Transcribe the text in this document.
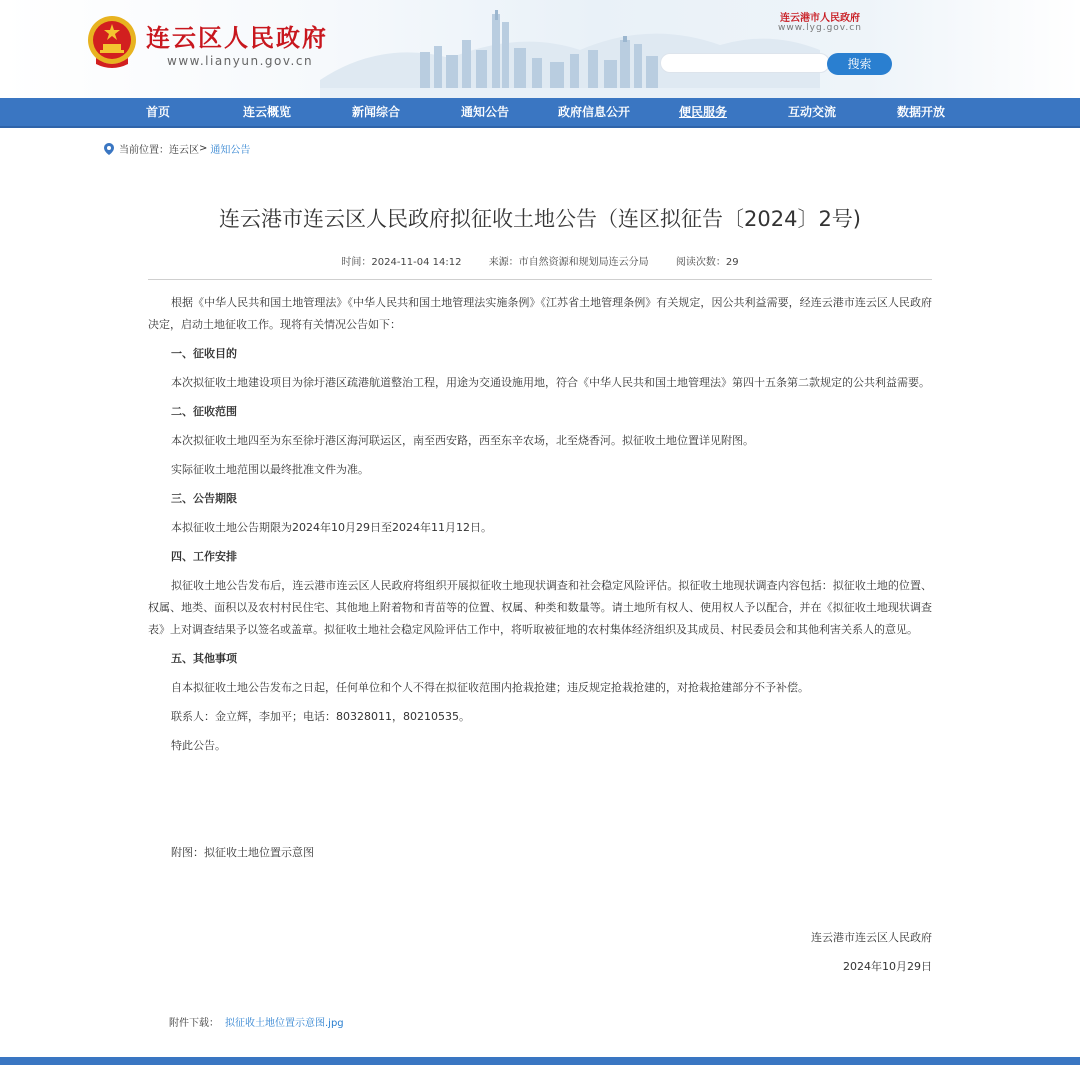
连云区人民政府
www.lianyun.gov.cn
连云港市人民政府
www.lyg.gov.cn
搜索
首页	连云概览	新闻综合	通知公告	政府信息公开	便民服务	互动交流	数据开放
当前位置： 连云区 > 通知公告
连云港市连云区人民政府拟征收土地公告（连区拟征告〔2024〕2号)
时间：2024-11-04 14:12	来源：市自然资源和规划局连云分局	阅读次数：29

根据《中华人民共和国土地管理法》《中华人民共和国土地管理法实施条例》《江苏省土地管理条例》有关规定，因公共利益需要，经连云港市连云区人民政府决定，启动土地征收工作。现将有关情况公告如下：

一、征收目的

本次拟征收土地建设项目为徐圩港区疏港航道整治工程，用途为交通设施用地，符合《中华人民共和国土地管理法》第四十五条第二款规定的公共利益需要。

二、征收范围

本次拟征收土地四至为东至徐圩港区海河联运区，南至西安路，西至东辛农场，北至烧香河。拟征收土地位置详见附图。

实际征收土地范围以最终批准文件为准。

三、公告期限

本拟征收土地公告期限为2024年10月29日至2024年11月12日。

四、工作安排

拟征收土地公告发布后，连云港市连云区人民政府将组织开展拟征收土地现状调查和社会稳定风险评估。拟征收土地现状调查内容包括：拟征收土地的位置、权属、地类、面积以及农村村民住宅、其他地上附着物和青苗等的位置、权属、种类和数量等。请土地所有权人、使用权人予以配合，并在《拟征收土地现状调查表》上对调查结果予以签名或盖章。拟征收土地社会稳定风险评估工作中，将听取被征地的农村集体经济组织及其成员、村民委员会和其他利害关系人的意见。

五、其他事项

自本拟征收土地公告发布之日起，任何单位和个人不得在拟征收范围内抢栽抢建；违反规定抢栽抢建的，对抢栽抢建部分不予补偿。

联系人：金立辉，李加平；电话：80328011，80210535。

特此公告。

附图：拟征收土地位置示意图
连云港市连云区人民政府
2024年10月29日
附件下载： 拟征收土地位置示意图.jpg
